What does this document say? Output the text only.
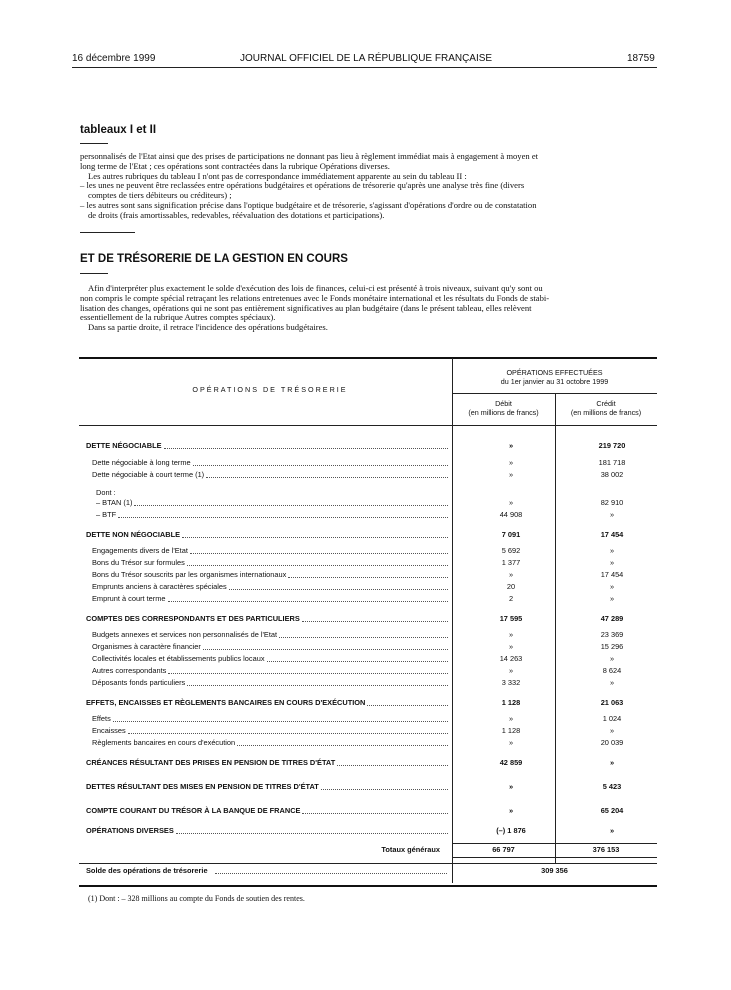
16 décembre 1999	JOURNAL OFFICIEL DE LA RÉPUBLIQUE FRANÇAISE	18759
tableaux I et II

personnalisés de l'Etat ainsi que des prises de participations ne donnant pas lieu à règlement immédiat mais à engagement à moyen et

long terme de l'Etat ; ces opérations sont contractées dans la rubrique Opérations diverses.

Les autres rubriques du tableau I n'ont pas de correspondance immédiatement apparente au sein du tableau II :

– les unes ne peuvent être reclassées entre opérations budgétaires et opérations de trésorerie qu'après une analyse très fine (divers

comptes de tiers débiteurs ou créditeurs) ;

– les autres sont sans signification précise dans l'optique budgétaire et de trésorerie, s'agissant d'opérations d'ordre ou de constatation

de droits (frais amortissables, redevables, réévaluation des dotations et participations).

ET DE TRÉSORERIE DE LA GESTION EN COURS

Afin d'interpréter plus exactement le solde d'exécution des lois de finances, celui-ci est présenté à trois niveaux, suivant qu'y sont ou

non compris le compte spécial retraçant les relations entretenues avec le Fonds monétaire international et les résultats du Fonds de stabi-

lisation des changes, opérations qui ne sont pas entièrement significatives au plan budgétaire (dans le présent tableau, elles relèvent

essentiellement de la rubrique Autres comptes spéciaux).

Dans sa partie droite, il retrace l'incidence des opérations budgétaires.

OPÉRATIONS DE TRÉSORERIE
OPÉRATIONS EFFECTUÉES
du 1er janvier au 31 octobre 1999
Débit
(en millions de francs)
Crédit
(en millions de francs)
DETTE NÉGOCIABLE	»	219 720
Dette négociable à long terme	»	181 718
Dette négociable à court terme (1)	»	38 002
Dont :
– BTAN (1)	»	82 910
– BTF	44 908	»
DETTE NON NÉGOCIABLE	7 091	17 454
Engagements divers de l'Etat	5 692	»
Bons du Trésor sur formules	1 377	»
Bons du Trésor souscrits par les organismes internationaux	»	17 454
Emprunts anciens à caractères spéciales	20	»
Emprunt à court terme	2	»
COMPTES DES CORRESPONDANTS ET DES PARTICULIERS	17 595	47 289
Budgets annexes et services non personnalisés de l'Etat	»	23 369
Organismes à caractère financier	»	15 296
Collectivités locales et établissements publics locaux	14 263	»
Autres correspondants	»	8 624
Déposants fonds particuliers	3 332	»
EFFETS, ENCAISSES ET RÈGLEMENTS BANCAIRES EN COURS D'EXÉCUTION	1 128	21 063
Effets	»	1 024
Encaisses	1 128	»
Règlements bancaires en cours d'exécution	»	20 039
CRÉANCES RÉSULTANT DES PRISES EN PENSION DE TITRES D'ÉTAT	42 859	»
DETTES RÉSULTANT DES MISES EN PENSION DE TITRES D'ÉTAT	»	5 423
COMPTE COURANT DU TRÉSOR À LA BANQUE DE FRANCE	»	65 204
OPÉRATIONS DIVERSES	(–) 1 876	»
Totaux généraux	66 797	376 153
Solde des opérations de trésorerie	309 356
(1) Dont : – 328 millions au compte du Fonds de soutien des rentes.
